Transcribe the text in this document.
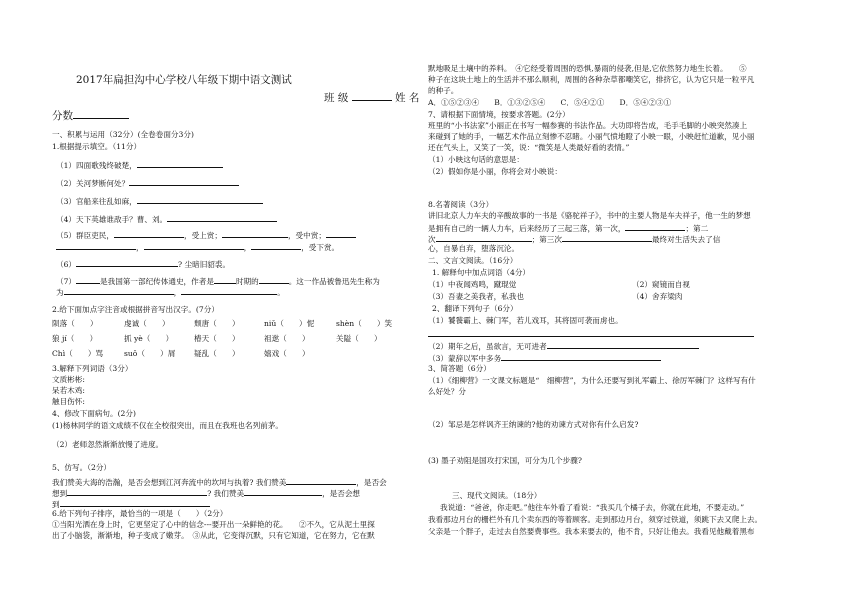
2017年扁担沟中心学校八年级下期中语文测试
班 级	姓 名
分数
一、积累与运用（32分）(全卷卷面分3分)
1.根据提示填空。（11分）
（1）四面歌残终破楚，
（2）关河梦断何处？
（3）官船来往乱如麻，
（4）天下英雄谁敌手？曹、刘。
（5）群臣吏民，	，受上赏；	，受中赏；
，	，	，受下赏。
（6）	? 尘暗旧貂裘。
（7）	是我国第一部纪传体通史，作者是	时期的	。这一作品被鲁迅先生称为
为	，	。
2.给下面加点字注音或根据拼音写出汉字。(7分）
陨落（　　）	虔诚（　　）	颓唐（　　）	niǔ（　　）怩	shèn（　　）笑
狼 jí（　　）	抓 yè（　　）	椿天（　　）	祖逖（　　）	关隘（　　）
Chì（　　）骂	suǒ（　　）屑 疑乱（　　）	嬉戏（　　）
3.解释下列词语（3分）
文质彬彬:
呆若木鸡:
触目伤怀:
4、修改下面病句。(2分)
(1)杨林同学的语文成绩不仅在全校很突出，而且在我班也名列前茅。
（2）老师忽然渐渐放慢了进度。
5、仿写。（2分）
我们赞美大海的浩瀚，是否会想到江河奔流中的坎坷与执着? 我们赞美	，是否会
想到	? 我们赞美	，是否会想
到
6.给下列句子排序，最恰当的一项是（　　）（2分）
①当阳光洒在身上时，它更坚定了心中的信念---要开出一朵鲜艳的花。　　②不久，它从泥土里探
出了小脑袋，渐渐地，种子变成了嫩芽。　③从此，它变得沉默，只有它知道，它在努力，它在默
默地吸足土壤中的养料。　④它经受着周围的恐惧,暴雨的侵袭,但是,它依然努力地生长着。　　⑤
种子在这块土地上的生活并不那么顺利，周围的各种杂草都嘲笑它，排挤它，认为它只是一粒平凡
的种子。
A．①⑤②③④　　B．①③②⑤④　　C．⑤④②①　　D．⑤④②③①
7、请根据下面情境，按要求答题。(2分）
班里的“小书法家”小丽正在书写一幅参赛的书法作品。大功即将告成，毛手毛脚的小映突然凑上
来碰到了她的手，一幅艺术作品立刻惨不忍睹。小丽气愤地瞪了小映一眼，小映赶忙道歉，见小丽
还在气头上，又笑了一笑，说：“微笑是人类最好看的表情。”
（1）小映这句话的意思是：
（2）假如你是小丽，你将会对小映说：
8.名著阅读（3分）
讲旧北京人力车夫的辛酸故事的一书是《骆驼祥子》，书中的主要人物是车夫祥子，他一生的梦想
是拥有自己的一辆人力车，后来经历了三起三落，第一次，	；第二
次	；第三次	最终对生活失去了信
心，自暴自弃，堕落沉沦。
二、文言文阅读。（16分）
1. 解释句中加点词语（4分）
（1）中夜闻鸡鸣，蹴琨觉	（2）窥镜而自视
（3）吾妻之美我者，私我也	（4）舍弃梁肉
2、翻译下列句子（6分）
（1）饕餮霸上、棘门军，若儿戏耳，其将固可袭而虏也。
（2）期年之后，虽欲言，无可进者
（3）蒙辞以军中多务
3、简答题（6分）
（1）《细柳营》一文课文标题是“　细柳营”，为什么还要写到礼军霸上、徐厉军棘门？这样写有什
么好处？分
（2）邹忌是怎样讽齐王纳谏的?他的劝谏方式对你有什么启发?
(3) 墨子劝阻是国攻打宋国，可分为几个步骤?
三、现代文阅读。（18分）
我说道：“爸爸，你走吧。”他往车外看了看说：“我买几个橘子去，你就在此地，不要走动。”
我看那边月台的栅栏外有几个卖东西的等着顾客。走到那边月台，须穿过铁道，须跳下去又爬上去。
父亲是一个胖子，走过去自然要费事些。我本来要去的，他不肯，只好让他去。我看见他戴着黑布
